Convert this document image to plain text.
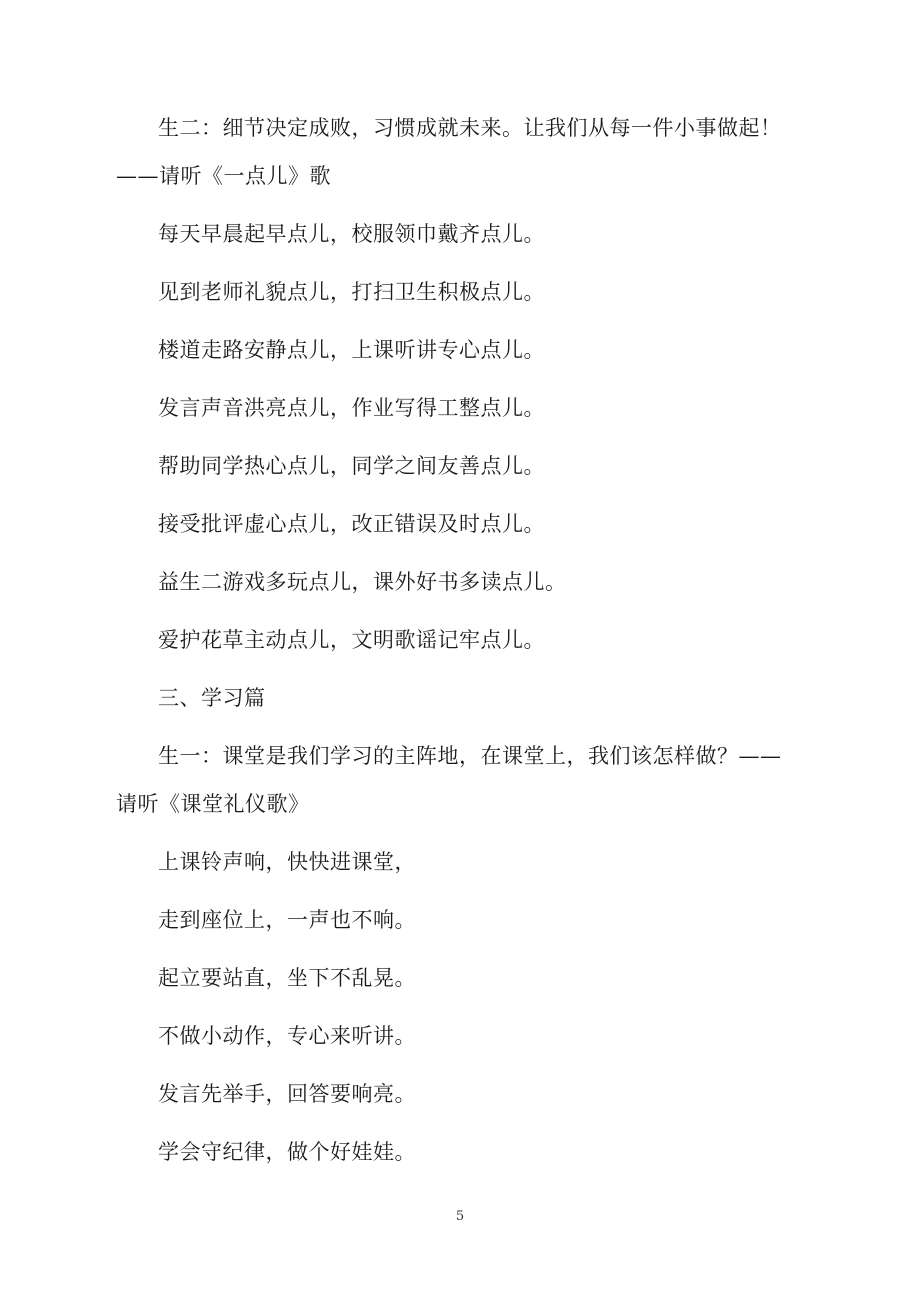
生二：细节决定成败，习惯成就未来。让我们从每一件小事做起！
——请听《一点儿》歌
每天早晨起早点儿，校服领巾戴齐点儿。
见到老师礼貌点儿，打扫卫生积极点儿。
楼道走路安静点儿，上课听讲专心点儿。
发言声音洪亮点儿，作业写得工整点儿。
帮助同学热心点儿，同学之间友善点儿。
接受批评虚心点儿，改正错误及时点儿。
益生二游戏多玩点儿，课外好书多读点儿。
爱护花草主动点儿，文明歌谣记牢点儿。
三、学习篇
生一：课堂是我们学习的主阵地，在课堂上，我们该怎样做？——
请听《课堂礼仪歌》
上课铃声响，快快进课堂，
走到座位上，一声也不响。
起立要站直，坐下不乱晃。
不做小动作，专心来听讲。
发言先举手，回答要响亮。
学会守纪律，做个好娃娃。
5
